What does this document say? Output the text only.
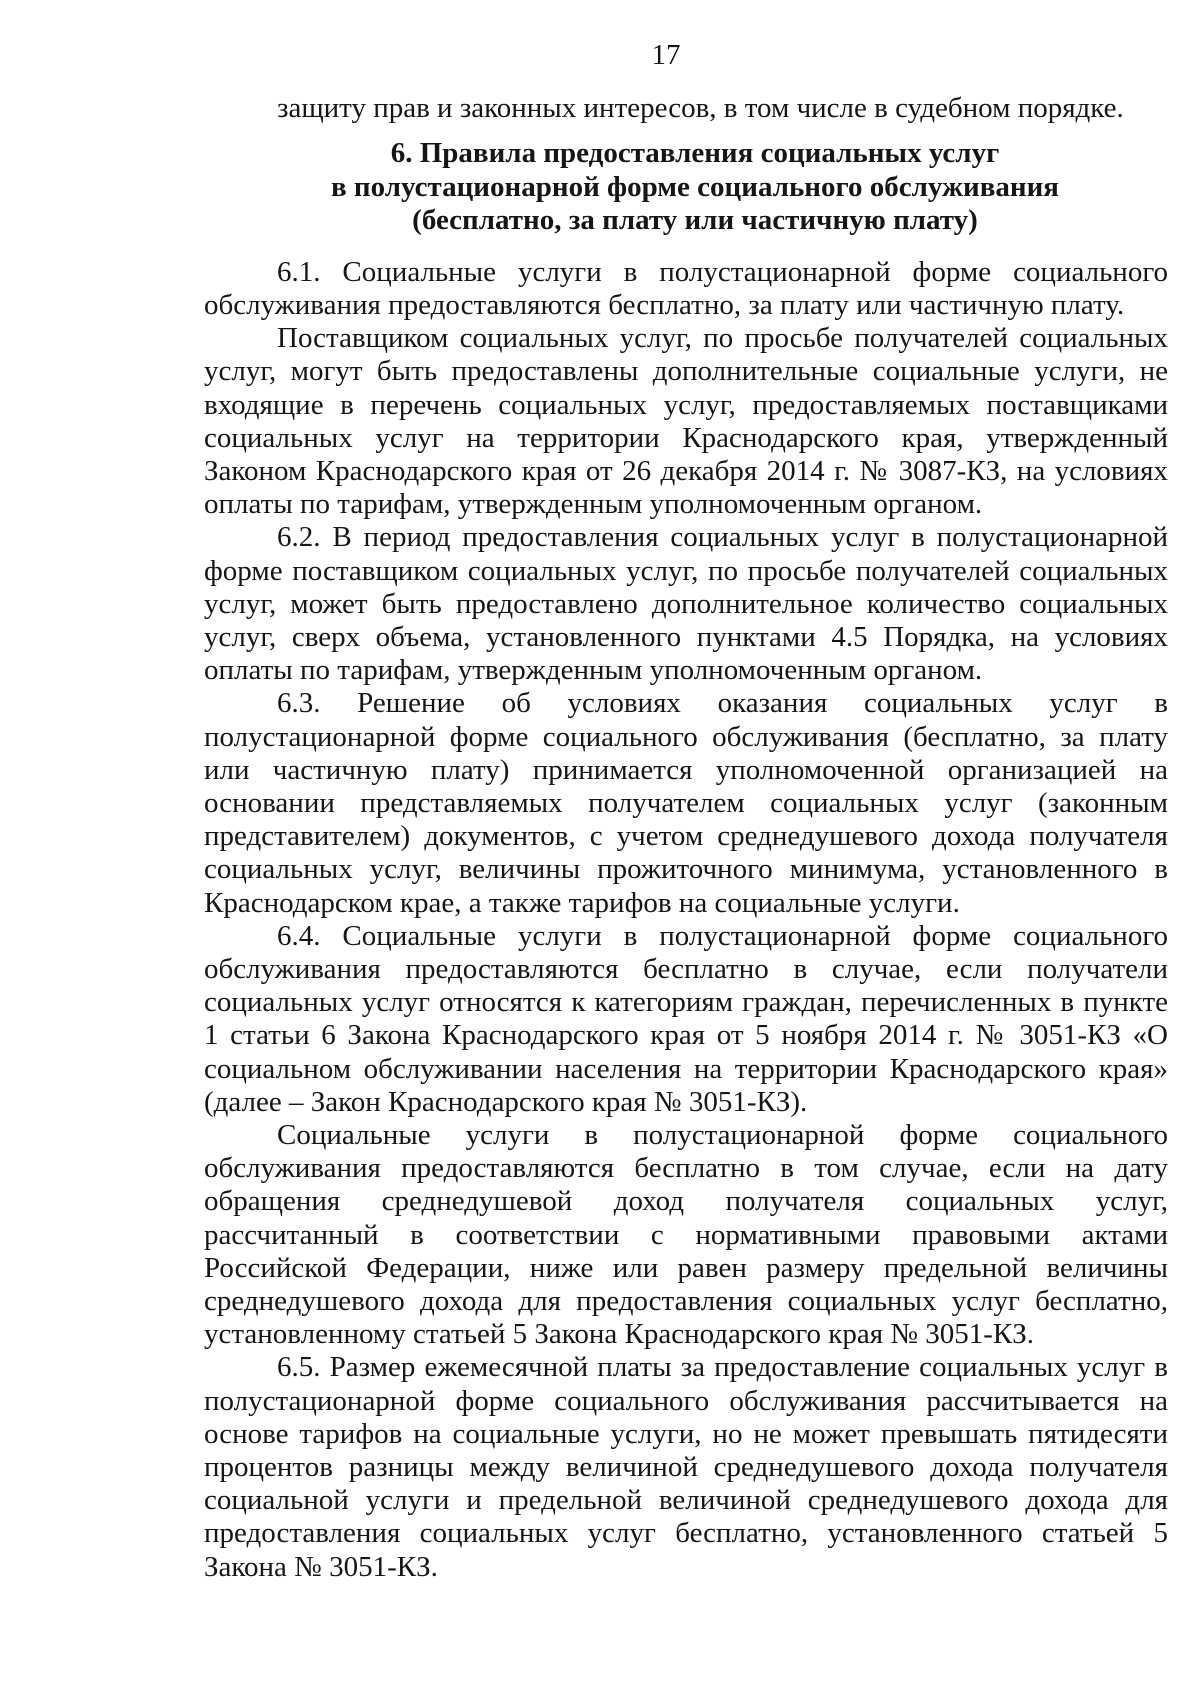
17

защиту прав и законных интересов, в том числе в судебном порядке.

6. Правила предоставления социальных услуг
в полустационарной форме социального обслуживания
(бесплатно, за плату или частичную плату)

6.1. Социальные услуги в полустационарной форме социального обслуживания предоставляются бесплатно, за плату или частичную плату.

Поставщиком социальных услуг, по просьбе получателей социальных услуг, могут быть предоставлены дополнительные социальные услуги, не входящие в перечень социальных услуг, предоставляемых поставщиками социальных услуг на территории Краснодарского края, утвержденный Законом Краснодарского края от 26 декабря 2014 г. № 3087-КЗ, на условиях оплаты по тарифам, утвержденным уполномоченным органом.

6.2. В период предоставления социальных услуг в полустационарной форме поставщиком социальных услуг, по просьбе получателей социальных услуг, может быть предоставлено дополнительное количество социальных услуг, сверх объема, установленного пунктами 4.5 Порядка, на условиях оплаты по тарифам, утвержденным уполномоченным органом.

6.3. Решение об условиях оказания социальных услуг в полустационарной форме социального обслуживания (бесплатно, за плату или частичную плату) принимается уполномоченной организацией на основании представляемых получателем социальных услуг (законным представителем) документов, с учетом среднедушевого дохода получателя социальных услуг, величины прожиточного минимума, установленного в Краснодарском крае, а также тарифов на социальные услуги.

6.4. Социальные услуги в полустационарной форме социального обслуживания предоставляются бесплатно в случае, если получатели социальных услуг относятся к категориям граждан, перечисленных в пункте 1 статьи 6 Закона Краснодарского края от 5 ноября 2014 г. № 3051-КЗ «О социальном обслуживании населения на территории Краснодарского края» (далее – Закон Краснодарского края № 3051-КЗ).

Социальные услуги в полустационарной форме социального обслуживания предоставляются бесплатно в том случае, если на дату обращения среднедушевой доход получателя социальных услуг, рассчитанный в соответствии с нормативными правовыми актами Российской Федерации, ниже или равен размеру предельной величины среднедушевого дохода для предоставления социальных услуг бесплатно, установленному статьей 5 Закона Краснодарского края № 3051-КЗ.

6.5. Размер ежемесячной платы за предоставление социальных услуг в полустационарной форме социального обслуживания рассчитывается на основе тарифов на социальные услуги, но не может превышать пятидесяти процентов разницы между величиной среднедушевого дохода получателя социальной услуги и предельной величиной среднедушевого дохода для предоставления социальных услуг бесплатно, установленного статьей 5 Закона № 3051-КЗ.
